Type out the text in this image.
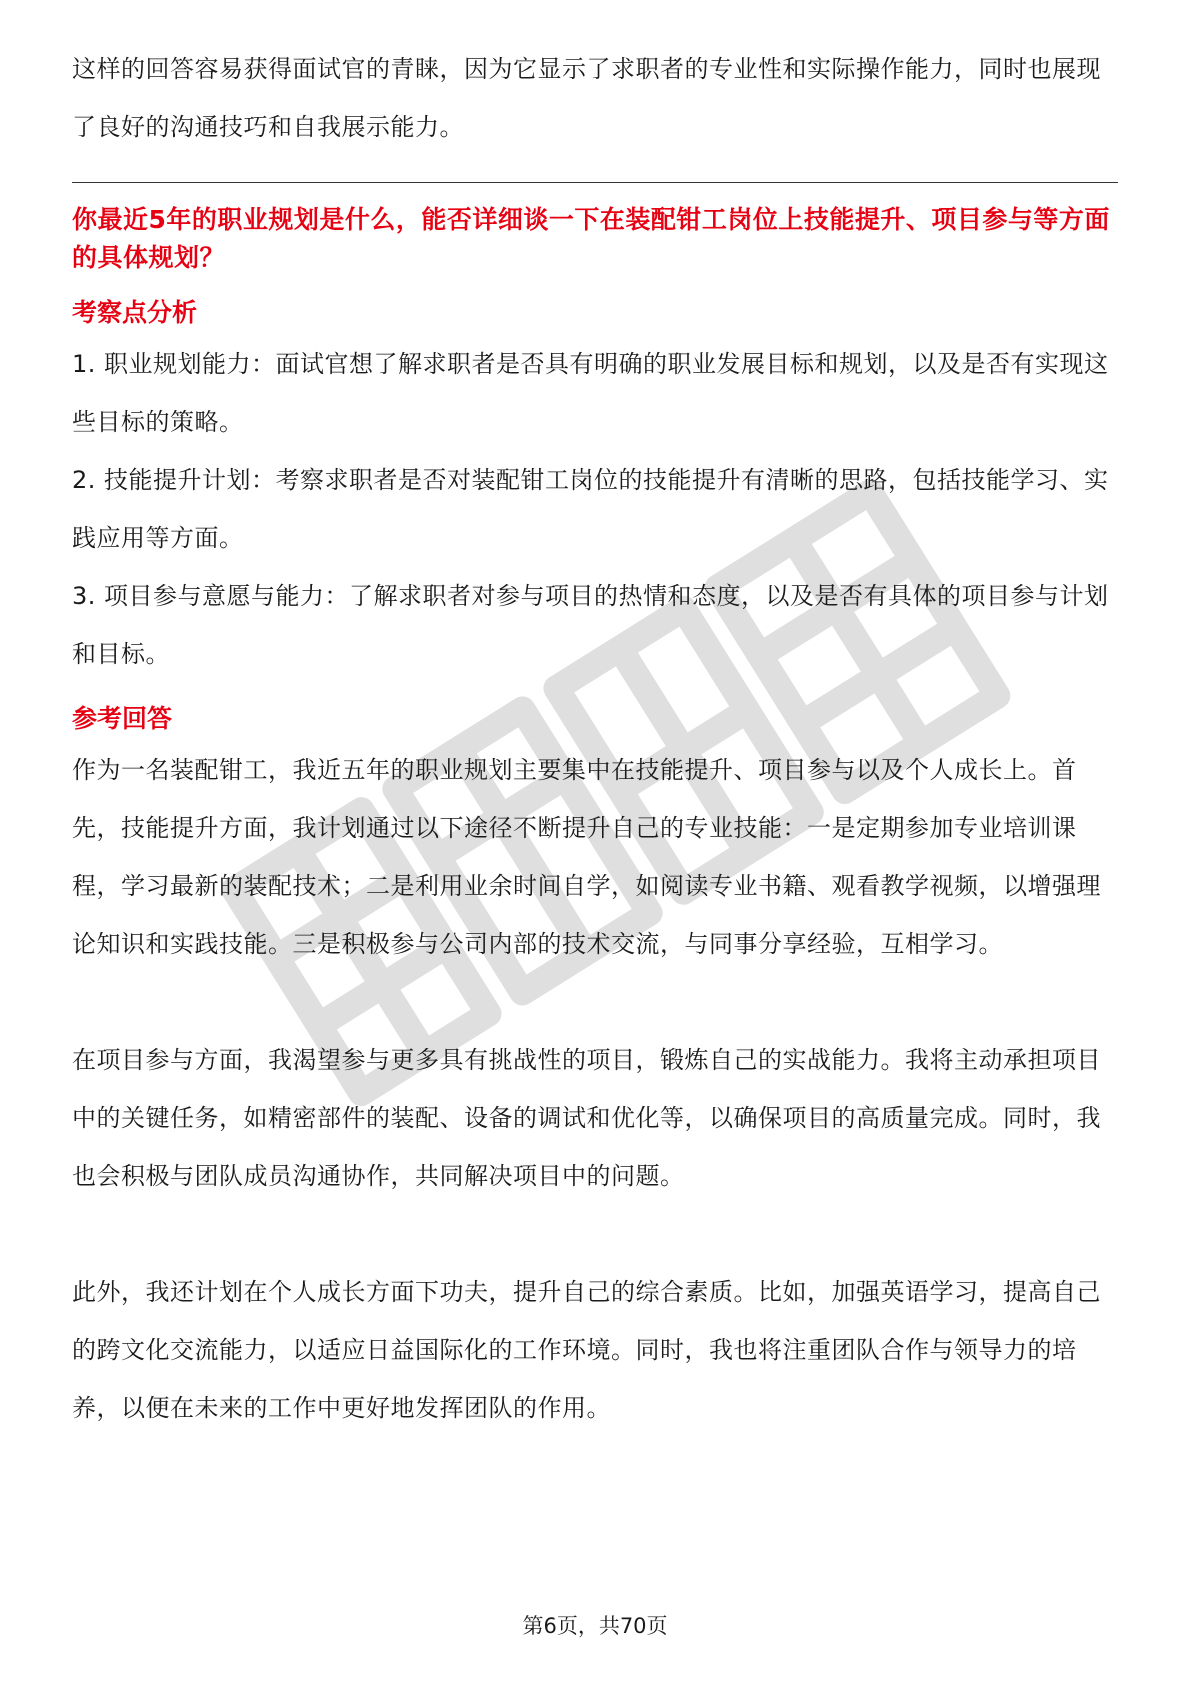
这样的回答容易获得面试官的青睐，因为它显示了求职者的专业性和实际操作能力，同时也展现了良好的沟通技巧和自我展示能力。

你最近5年的职业规划是什么，能否详细谈一下在装配钳工岗位上技能提升、项目参与等方面的具体规划？

考察点分析

1. 职业规划能力：面试官想了解求职者是否具有明确的职业发展目标和规划，以及是否有实现这些目标的策略。

2. 技能提升计划：考察求职者是否对装配钳工岗位的技能提升有清晰的思路，包括技能学习、实践应用等方面。

3. 项目参与意愿与能力：了解求职者对参与项目的热情和态度，以及是否有具体的项目参与计划和目标。

参考回答

作为一名装配钳工，我近五年的职业规划主要集中在技能提升、项目参与以及个人成长上。首先，技能提升方面，我计划通过以下途径不断提升自己的专业技能：一是定期参加专业培训课程，学习最新的装配技术；二是利用业余时间自学，如阅读专业书籍、观看教学视频，以增强理论知识和实践技能。三是积极参与公司内部的技术交流，与同事分享经验，互相学习。

在项目参与方面，我渴望参与更多具有挑战性的项目，锻炼自己的实战能力。我将主动承担项目中的关键任务，如精密部件的装配、设备的调试和优化等，以确保项目的高质量完成。同时，我也会积极与团队成员沟通协作，共同解决项目中的问题。

此外，我还计划在个人成长方面下功夫，提升自己的综合素质。比如，加强英语学习，提高自己的跨文化交流能力，以适应日益国际化的工作环境。同时，我也将注重团队合作与领导力的培养，以便在未来的工作中更好地发挥团队的作用。

第6页，共70页
